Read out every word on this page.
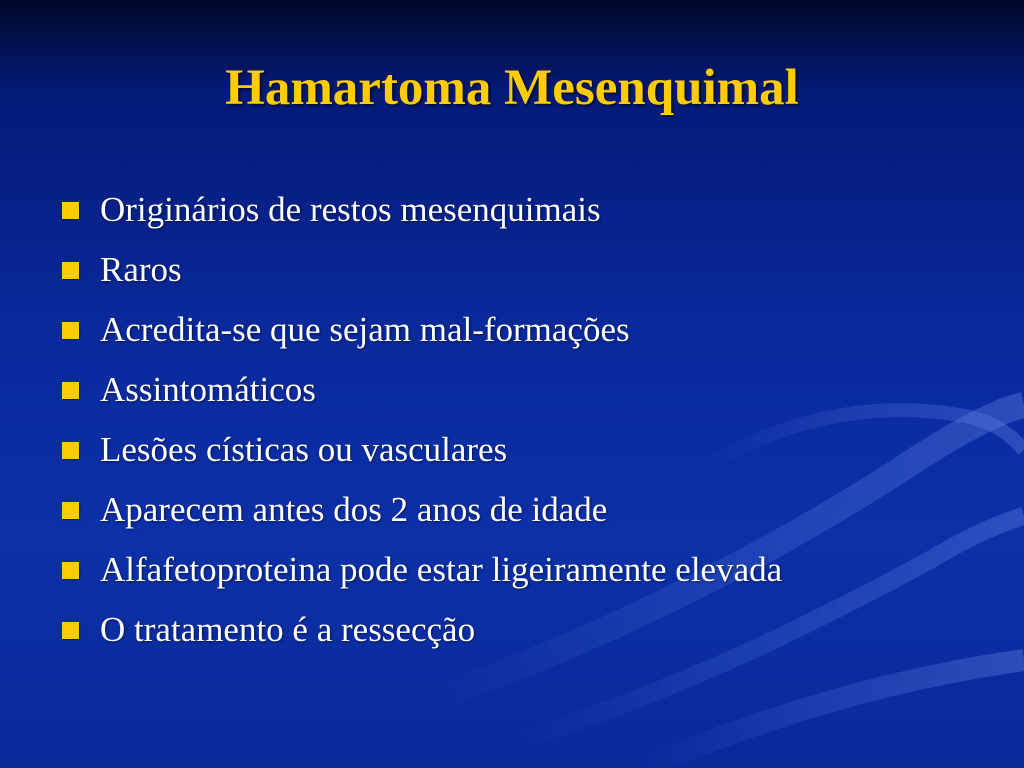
Hamartoma Mesenquimal
Originários de restos mesenquimais
Raros
Acredita-se que sejam mal-formações
Assintomáticos
Lesões císticas ou vasculares
Aparecem antes dos 2 anos de idade
Alfafetoproteina pode estar ligeiramente elevada
O tratamento é a ressecção
